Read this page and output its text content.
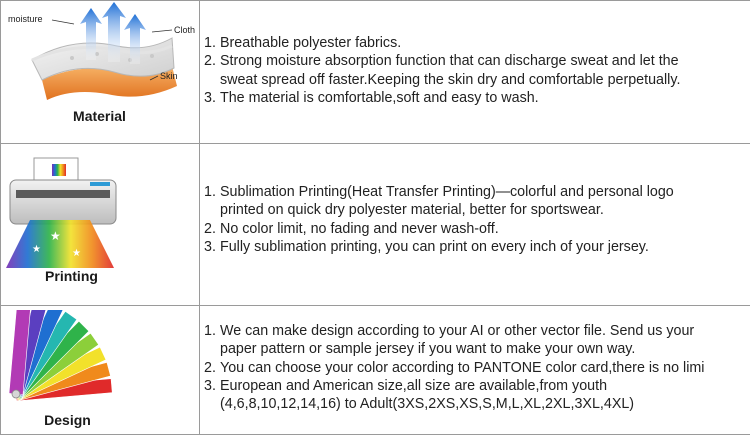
moisture
Cloth
Skin
Material
1. Breathable polyester fabrics.
2. Strong moisture absorption function that can discharge sweat and let the
sweat spread off faster.Keeping the skin dry and comfortable perpetually.
3. The material is comfortable,soft and easy to wash.
★
★	★
Printing
1. Sublimation Printing(Heat Transfer Printing)—colorful and personal logo
printed on quick dry polyester material, better for sportswear.
2. No color limit, no fading and never wash-off.
3. Fully sublimation printing, you can print on every inch of your jersey.
Design
1. We can make design according to your AI or other vector file. Send us your
paper pattern or sample jersey if you want to make your own way.
2. You can choose your color according to PANTONE color card,there is no limi
3. European and American size,all size are available,from youth
(4,6,8,10,12,14,16) to Adult(3XS,2XS,XS,S,M,L,XL,2XL,3XL,4XL)
